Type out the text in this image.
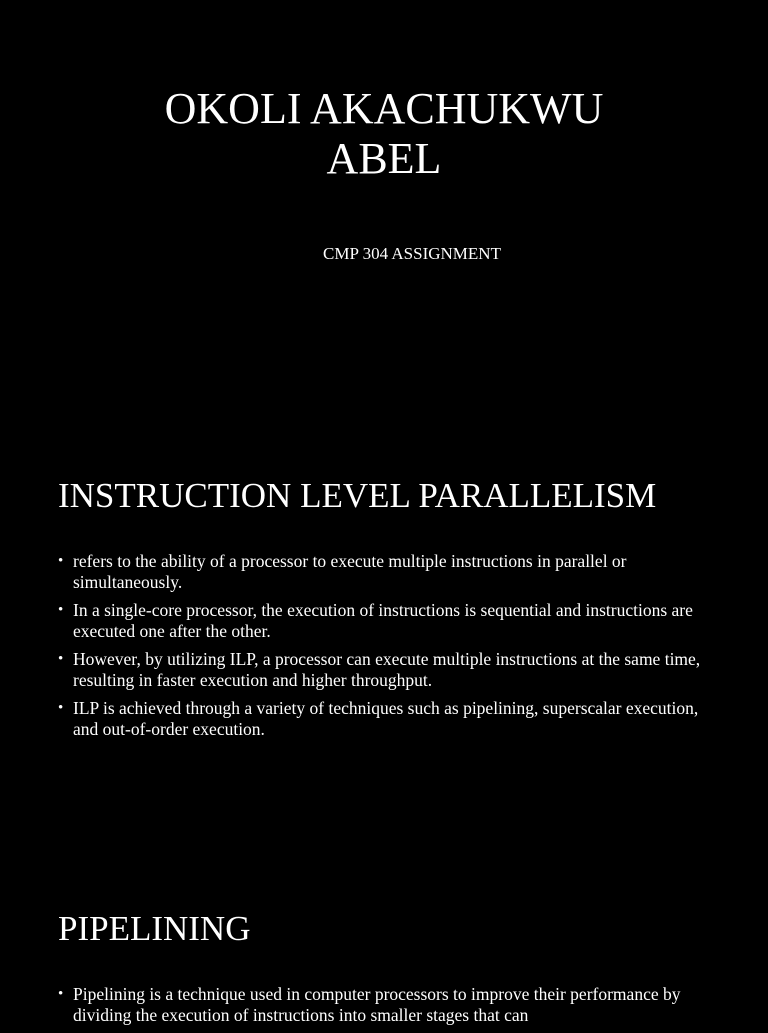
OKOLI AKACHUKWU
ABEL
CMP 304 ASSIGNMENT
INSTRUCTION LEVEL PARALLELISM
• refers to the ability of a processor to execute multiple instructions in parallel or simultaneously.
• In a single-core processor, the execution of instructions is sequential and instructions are executed one after the other.
• However, by utilizing ILP, a processor can execute multiple instructions at the same time, resulting in faster execution and higher throughput.
• ILP is achieved through a variety of techniques such as pipelining, superscalar execution, and out-of-order execution.
PIPELINING
• Pipelining is a technique used in computer processors to improve their performance by dividing the execution of instructions into smaller stages that can
